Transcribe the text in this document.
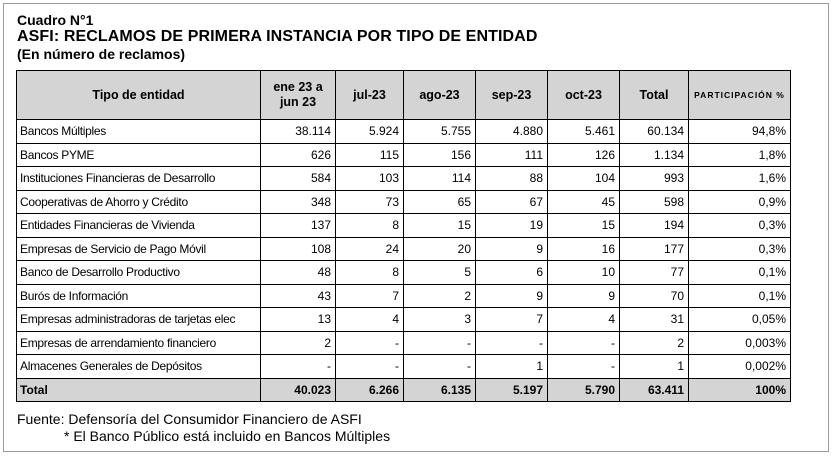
Cuadro N°1
ASFI: RECLAMOS DE PRIMERA INSTANCIA POR TIPO DE ENTIDAD
(En número de reclamos)
Tipo de entidad	ene 23 a jun 23	jul-23	ago-23	sep-23	oct-23	Total	PARTICIPACIÓN %
Bancos Múltiples	38.114	5.924	5.755	4.880	5.461	60.134	94,8%
Bancos PYME	626	115	156	111	126	1.134	1,8%
Instituciones Financieras de Desarrollo	584	103	114	88	104	993	1,6%
Cooperativas de Ahorro y Crédito	348	73	65	67	45	598	0,9%
Entidades Financieras de Vivienda	137	8	15	19	15	194	0,3%
Empresas de Servicio de Pago Móvil	108	24	20	9	16	177	0,3%
Banco de Desarrollo Productivo	48	8	5	6	10	77	0,1%
Burós de Información	43	7	2	9	9	70	0,1%
Empresas administradoras de tarjetas elec	13	4	3	7	4	31	0,05%
Empresas de arrendamiento financiero	2	-	-	-	-	2	0,003%
Almacenes Generales de Depósitos	-	-	-	1	-	1	0,002%
Total	40.023	6.266	6.135	5.197	5.790	63.411	100%
Fuente: Defensoría del Consumidor Financiero de ASFI
* El Banco Público está incluido en Bancos Múltiples
